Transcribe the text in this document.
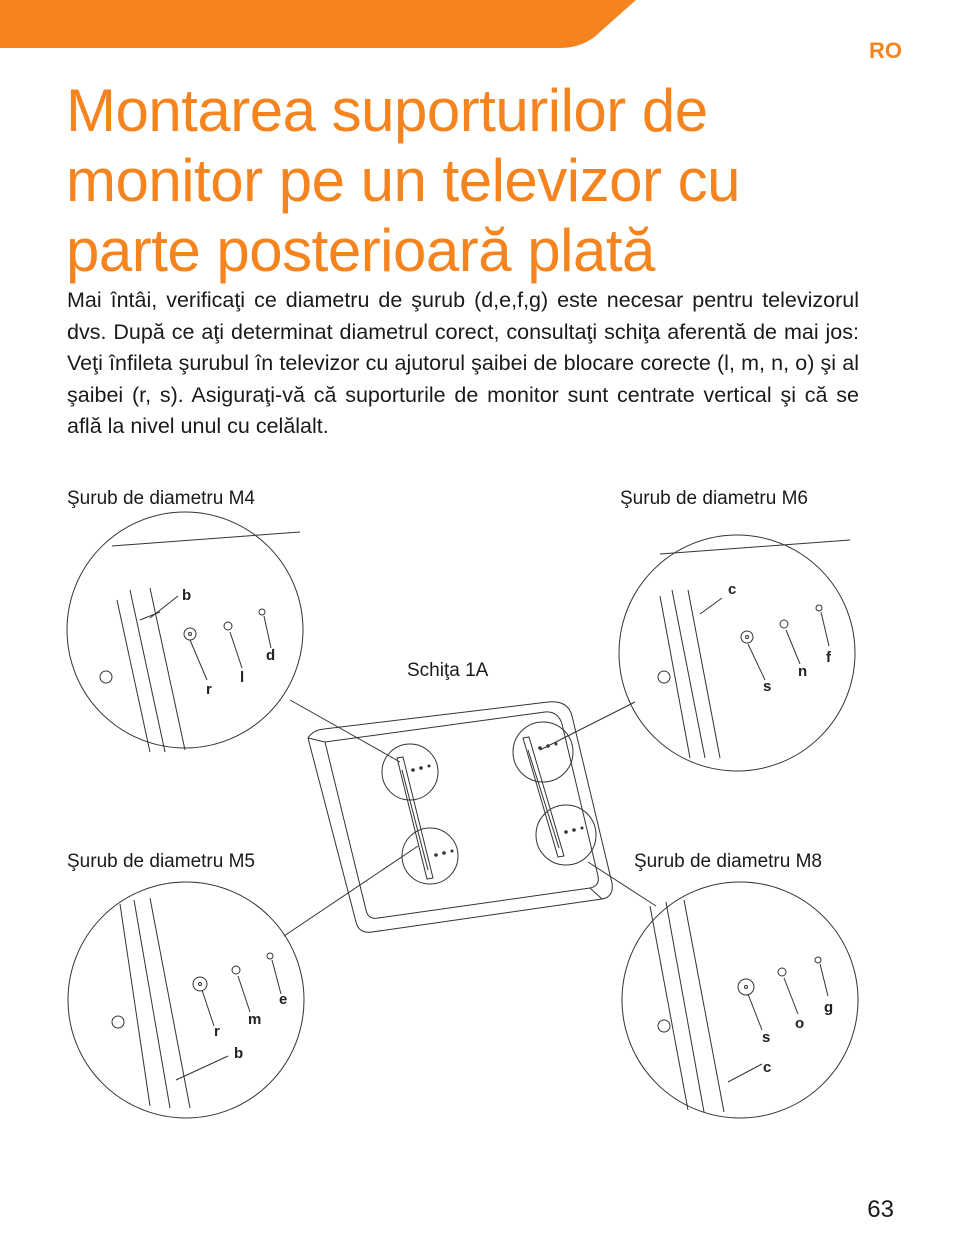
RO
Montarea suporturilor de monitor pe un televizor cu parte posterioară plată

Mai întâi, verificaţi ce diametru de şurub (d,e,f,g) este necesar pentru televizorul dvs. După ce aţi determinat diametrul corect, consultaţi schiţa aferentă de mai jos: Veţi înfileta şurubul în televizor cu ajutorul şaibei de blocare corecte (l, m, n, o) şi al şaibei (r, s). Asiguraţi-vă că suporturile de monitor sunt centrate vertical şi că se află la nivel unul cu celălalt.

Şurub de diametru M4	Şurub de diametru M6
Schiţa 1A
Şurub de diametru M5	Şurub de diametru M8
b
d
r
l
c
f
n
s
e
m
r
b
g
o
s
c
63
